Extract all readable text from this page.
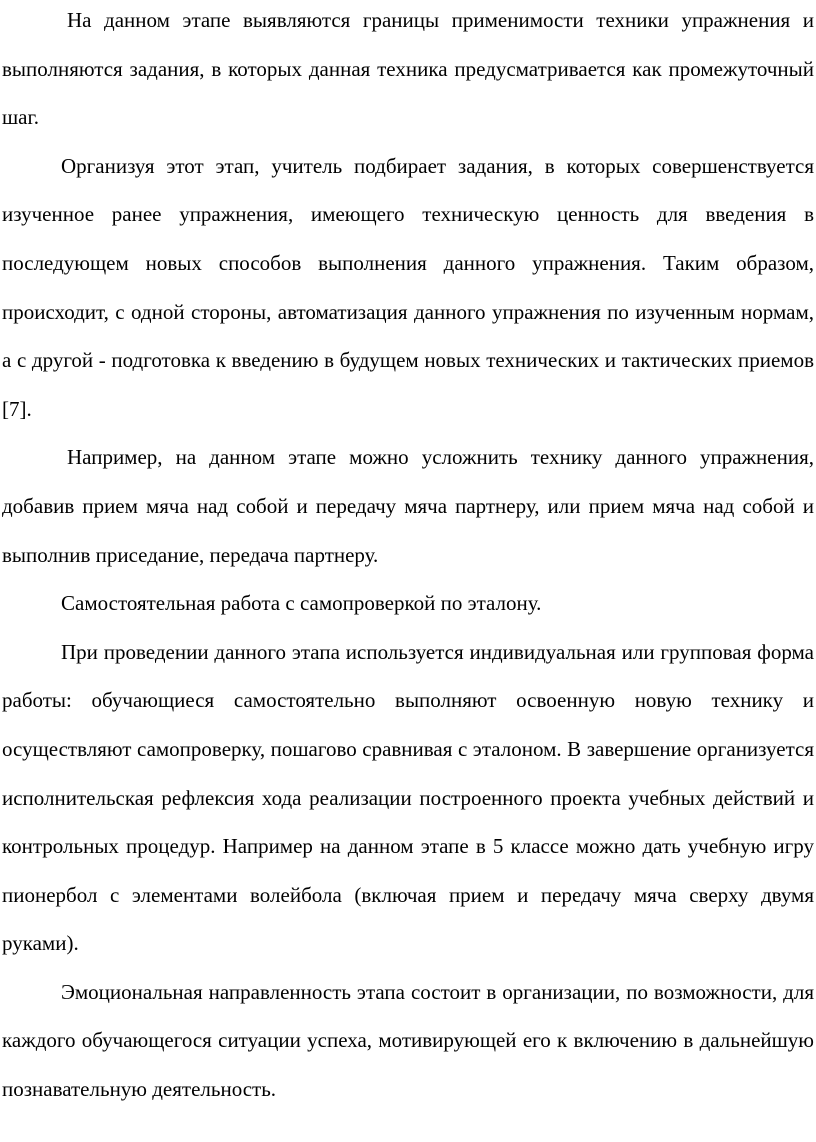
На данном этапе выявляются границы применимости техники упражнения и выполняются задания, в которых данная техника предусматривается как промежуточный шаг.

Организуя этот этап, учитель подбирает задания, в которых совершенствуется изученное ранее упражнения, имеющего техническую ценность для введения в последующем новых способов выполнения данного упражнения. Таким образом, происходит, с одной стороны, автоматизация данного упражнения по изученным нормам, а с другой - подготовка к введению в будущем новых технических и тактических приемов [7].

Например, на данном этапе можно усложнить технику данного упражнения, добавив прием мяча над собой и передачу мяча партнеру, или прием мяча над собой и выполнив приседание, передача партнеру.

Самостоятельная работа с самопроверкой по эталону.

При проведении данного этапа используется индивидуальная или групповая форма работы: обучающиеся самостоятельно выполняют освоенную новую технику и осуществляют самопроверку, пошагово сравнивая с эталоном. В завершение организуется исполнительская рефлексия хода реализации построенного проекта учебных действий и контрольных процедур. Например на данном этапе в 5 классе можно дать учебную игру пионербол с элементами волейбола (включая прием и передачу мяча сверху двумя руками).

Эмоциональная направленность этапа состоит в организации, по возможности, для каждого обучающегося ситуации успеха, мотивирующей его к включению в дальнейшую познавательную деятельность.
